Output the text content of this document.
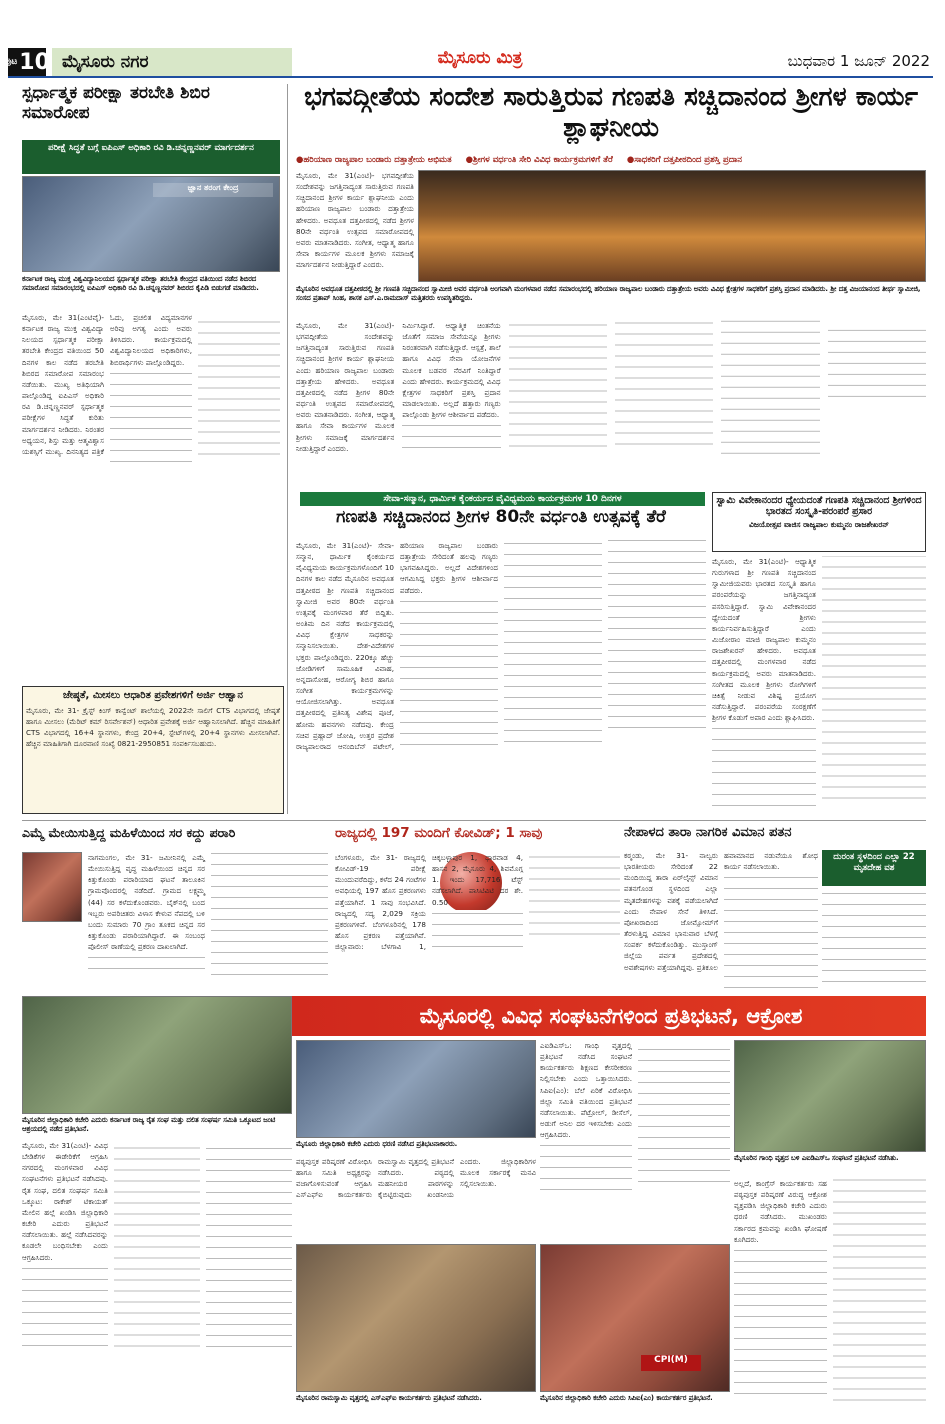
ಪುಟ 10 ಮೈಸೂರು ನಗರ	ಮೈಸೂರು ಮಿತ್ರ	ಬುಧವಾರ 1 ಜೂನ್ 2022
ಸ್ಪರ್ಧಾತ್ಮಕ ಪರೀಕ್ಷಾ ತರಬೇತಿ ಶಿಬಿರ ಸಮಾರೋಪ
ಪರೀಕ್ಷೆ ಸಿದ್ಧತೆ ಬಗ್ಗೆ ಐಪಿಎಸ್ ಅಧಿಕಾರಿ ರವಿ ಡಿ.ಚನ್ನಣ್ಣನವರ್ ಮಾರ್ಗದರ್ಶನ
ಜ್ಞಾನ ತರಂಗ ಕೇಂದ್ರ
ಕರ್ನಾಟಕ ರಾಜ್ಯ ಮುಕ್ತ ವಿಶ್ವವಿದ್ಯಾನಿಲಯದ ಸ್ಪರ್ಧಾತ್ಮಕ ಪರೀಕ್ಷಾ ತರಬೇತಿ ಕೇಂದ್ರದ ವತಿಯಿಂದ ನಡೆದ ಶಿಬಿರದ ಸಮಾರೋಪ ಸಮಾರಂಭದಲ್ಲಿ ಐಪಿಎಸ್ ಅಧಿಕಾರಿ ರವಿ ಡಿ.ಚನ್ನಣ್ಣನವರ್ ಶಿಬಿರದ ಕೈಪಿಡಿ ಬಿಡುಗಡೆ ಮಾಡಿದರು.

ಮೈಸೂರು, ಮೇ 31(ಎಂಟಿವೈ)- ಕರ್ನಾಟಕ ರಾಜ್ಯ ಮುಕ್ತ ವಿಶ್ವವಿದ್ಯಾ ನಿಲಯದ ಸ್ಪರ್ಧಾತ್ಮಕ ಪರೀಕ್ಷಾ ತರಬೇತಿ ಕೇಂದ್ರದ ವತಿಯಿಂದ 50 ದಿನಗಳ ಕಾಲ ನಡೆದ ತರಬೇತಿ ಶಿಬಿರದ ಸಮಾರೋಪ ಸಮಾರಂಭ ನಡೆಯಿತು. ಮುಖ್ಯ ಅತಿಥಿಯಾಗಿ ಪಾಲ್ಗೊಂಡಿದ್ದ ಐಪಿಎಸ್ ಅಧಿಕಾರಿ ರವಿ ಡಿ.ಚನ್ನಣ್ಣನವರ್ ಸ್ಪರ್ಧಾತ್ಮಕ ಪರೀಕ್ಷೆಗಳ ಸಿದ್ಧತೆ ಕುರಿತು ಮಾರ್ಗದರ್ಶನ ನೀಡಿದರು. ನಿರಂತರ ಅಧ್ಯಯನ, ಶಿಸ್ತು ಮತ್ತು ಆತ್ಮವಿಶ್ವಾಸ ಯಶಸ್ಸಿಗೆ ಮುಖ್ಯ. ದಿನನಿತ್ಯದ ಪತ್ರಿಕೆ ಓದು, ಪ್ರಚಲಿತ ವಿದ್ಯಮಾನಗಳ ಅರಿವು ಅಗತ್ಯ ಎಂದು ಅವರು ತಿಳಿಸಿದರು. ಕಾರ್ಯಕ್ರಮದಲ್ಲಿ ವಿಶ್ವವಿದ್ಯಾನಿಲಯದ ಅಧಿಕಾರಿಗಳು, ಶಿಬಿರಾರ್ಥಿಗಳು ಪಾಲ್ಗೊಂಡಿದ್ದರು.

ಭಗವದ್ಗೀತೆಯ ಸಂದೇಶ ಸಾರುತ್ತಿರುವ ಗಣಪತಿ ಸಚ್ಚಿದಾನಂದ ಶ್ರೀಗಳ ಕಾರ್ಯ ಶ್ಲಾಘನೀಯ
●ಹರಿಯಾಣ ರಾಜ್ಯಪಾಲ ಬಂಡಾರು ದತ್ತಾತ್ರೇಯ ಅಭಿಮತ ●ಶ್ರೀಗಳ ವರ್ಧಂತಿ ಸೇರಿ ವಿವಿಧ ಕಾರ್ಯಕ್ರಮಗಳಿಗೆ ತೆರೆ ●ಸಾಧಕರಿಗೆ ದತ್ತಪೀಠದಿಂದ ಪ್ರಶಸ್ತಿ ಪ್ರದಾನ

ಮೈಸೂರು, ಮೇ 31(ಎಂಟಿ)- ಭಗವದ್ಗೀತೆಯ ಸಂದೇಶವನ್ನು ಜಗತ್ತಿನಾದ್ಯಂತ ಸಾರುತ್ತಿರುವ ಗಣಪತಿ ಸಚ್ಚಿದಾನಂದ ಶ್ರೀಗಳ ಕಾರ್ಯ ಶ್ಲಾಘನೀಯ ಎಂದು ಹರಿಯಾಣ ರಾಜ್ಯಪಾಲ ಬಂಡಾರು ದತ್ತಾತ್ರೇಯ ಹೇಳಿದರು. ಅವಧೂತ ದತ್ತಪೀಠದಲ್ಲಿ ನಡೆದ ಶ್ರೀಗಳ 80ನೇ ವರ್ಧಂತಿ ಉತ್ಸವದ ಸಮಾರೋಪದಲ್ಲಿ ಅವರು ಮಾತನಾಡಿದರು. ಸಂಗೀತ, ಆಧ್ಯಾತ್ಮ ಹಾಗೂ ಸೇವಾ ಕಾರ್ಯಗಳ ಮೂಲಕ ಶ್ರೀಗಳು ಸಮಾಜಕ್ಕೆ ಮಾರ್ಗದರ್ಶನ ನೀಡುತ್ತಿದ್ದಾರೆ ಎಂದರು.

ಮೈಸೂರಿನ ಅವಧೂತ ದತ್ತಪೀಠದಲ್ಲಿ ಶ್ರೀ ಗಣಪತಿ ಸಚ್ಚಿದಾನಂದ ಸ್ವಾಮೀಜಿ ಅವರ ವರ್ಧಂತಿ ಅಂಗವಾಗಿ ಮಂಗಳವಾರ ನಡೆದ ಸಮಾರಂಭದಲ್ಲಿ ಹರಿಯಾಣ ರಾಜ್ಯಪಾಲ ಬಂಡಾರು ದತ್ತಾತ್ರೇಯ ಅವರು ವಿವಿಧ ಕ್ಷೇತ್ರಗಳ ಸಾಧಕರಿಗೆ ಪ್ರಶಸ್ತಿ ಪ್ರದಾನ ಮಾಡಿದರು. ಶ್ರೀ ದತ್ತ ವಿಜಯಾನಂದ ತೀರ್ಥ ಸ್ವಾಮೀಜಿ, ಸಂಸದ ಪ್ರತಾಪ್ ಸಿಂಹ, ಶಾಸಕ ಎಸ್.ಎ.ರಾಮದಾಸ್ ಮತ್ತಿತರರು ಉಪಸ್ಥಿತರಿದ್ದರು.

ಮೈಸೂರು, ಮೇ 31(ಎಂಟಿ)- ಭಗವದ್ಗೀತೆಯ ಸಂದೇಶವನ್ನು ಜಗತ್ತಿನಾದ್ಯಂತ ಸಾರುತ್ತಿರುವ ಗಣಪತಿ ಸಚ್ಚಿದಾನಂದ ಶ್ರೀಗಳ ಕಾರ್ಯ ಶ್ಲಾಘನೀಯ ಎಂದು ಹರಿಯಾಣ ರಾಜ್ಯಪಾಲ ಬಂಡಾರು ದತ್ತಾತ್ರೇಯ ಹೇಳಿದರು. ಅವಧೂತ ದತ್ತಪೀಠದಲ್ಲಿ ನಡೆದ ಶ್ರೀಗಳ 80ನೇ ವರ್ಧಂತಿ ಉತ್ಸವದ ಸಮಾರೋಪದಲ್ಲಿ ಅವರು ಮಾತನಾಡಿದರು. ಸಂಗೀತ, ಆಧ್ಯಾತ್ಮ ಹಾಗೂ ಸೇವಾ ಕಾರ್ಯಗಳ ಮೂಲಕ ಶ್ರೀಗಳು ಸಮಾಜಕ್ಕೆ ಮಾರ್ಗದರ್ಶನ ನೀಡುತ್ತಿದ್ದಾರೆ ಎಂದರು.

ನಿರ್ಮಿಸಿದ್ದಾರೆ. ಆಧ್ಯಾತ್ಮಿಕ ಚಿಂತನೆಯ ಜೊತೆಗೆ ಸಮಾಜ ಸೇವೆಯನ್ನೂ ಶ್ರೀಗಳು ನಿರಂತರವಾಗಿ ನಡೆಸುತ್ತಿದ್ದಾರೆ. ಆಸ್ಪತ್ರೆ, ಶಾಲೆ ಹಾಗೂ ವಿವಿಧ ಸೇವಾ ಯೋಜನೆಗಳ ಮೂಲಕ ಬಡವರ ನೆರವಿಗೆ ನಿಂತಿದ್ದಾರೆ ಎಂದು ಹೇಳಿದರು. ಕಾರ್ಯಕ್ರಮದಲ್ಲಿ ವಿವಿಧ ಕ್ಷೇತ್ರಗಳ ಸಾಧಕರಿಗೆ ಪ್ರಶಸ್ತಿ ಪ್ರದಾನ ಮಾಡಲಾಯಿತು. ಅಲ್ಲದೆ ಹತ್ತಾರು ಗಣ್ಯರು ಪಾಲ್ಗೊಂಡು ಶ್ರೀಗಳ ಆಶೀರ್ವಾದ ಪಡೆದರು.

ಸೇವಾ-ಸನ್ಮಾನ, ಧಾರ್ಮಿಕ ಕೈಂಕರ್ಯದ ವೈವಿಧ್ಯಮಯ ಕಾರ್ಯಕ್ರಮಗಳ 10 ದಿನಗಳ
ಗಣಪತಿ ಸಚ್ಚಿದಾನಂದ ಶ್ರೀಗಳ 80ನೇ ವರ್ಧಂತಿ ಉತ್ಸವಕ್ಕೆ ತೆರೆ

ಮೈಸೂರು, ಮೇ 31(ಎಂಟಿ)- ಸೇವಾ-ಸನ್ಮಾನ, ಧಾರ್ಮಿಕ ಕೈಂಕರ್ಯದ ವೈವಿಧ್ಯಮಯ ಕಾರ್ಯಕ್ರಮಗಳೊಂದಿಗೆ 10 ದಿನಗಳ ಕಾಲ ನಡೆದ ಮೈಸೂರಿನ ಅವಧೂತ ದತ್ತಪೀಠದ ಶ್ರೀ ಗಣಪತಿ ಸಚ್ಚಿದಾನಂದ ಸ್ವಾಮೀಜಿ ಅವರ 80ನೇ ವರ್ಧಂತಿ ಉತ್ಸವಕ್ಕೆ ಮಂಗಳವಾರ ತೆರೆ ಬಿದ್ದಿತು. ಅಂತಿಮ ದಿನ ನಡೆದ ಕಾರ್ಯಕ್ರಮದಲ್ಲಿ ವಿವಿಧ ಕ್ಷೇತ್ರಗಳ ಸಾಧಕರನ್ನು ಸನ್ಮಾನಿಸಲಾಯಿತು. ದೇಶ-ವಿದೇಶಗಳ ಭಕ್ತರು ಪಾಲ್ಗೊಂಡಿದ್ದರು. 220ಕ್ಕೂ ಹೆಚ್ಚು ಜೋಡಿಗಳಿಗೆ ಸಾಮೂಹಿಕ ವಿವಾಹ, ಅನ್ನದಾಸೋಹ, ಆರೋಗ್ಯ ಶಿಬಿರ ಹಾಗೂ ಸಂಗೀತ ಕಾರ್ಯಕ್ರಮಗಳನ್ನು ಆಯೋಜಿಸಲಾಗಿತ್ತು. ಅವಧೂತ ದತ್ತಪೀಠದಲ್ಲಿ ಪ್ರತಿನಿತ್ಯ ವಿಶೇಷ ಪೂಜೆ, ಹೋಮ ಹವನಗಳು ನಡೆದವು. ಕೇಂದ್ರ ಸಚಿವ ಪ್ರಹ್ಲಾದ್ ಜೋಷಿ, ಉತ್ತರ ಪ್ರದೇಶ ರಾಜ್ಯಪಾಲರಾದ ಆನಂದಿಬೆನ್ ಪಟೇಲ್, ಹರಿಯಾಣ ರಾಜ್ಯಪಾಲ ಬಂಡಾರು ದತ್ತಾತ್ರೇಯ ಸೇರಿದಂತೆ ಹಲವು ಗಣ್ಯರು ಭಾಗವಹಿಸಿದ್ದರು. ಅಲ್ಲದೆ ವಿದೇಶಗಳಿಂದ ಆಗಮಿಸಿದ್ದ ಭಕ್ತರು ಶ್ರೀಗಳ ಆಶೀರ್ವಾದ ಪಡೆದರು.

ಸ್ವಾಮಿ ವಿವೇಕಾನಂದರ ಧ್ಯೇಯದಂತೆ ಗಣಪತಿ ಸಚ್ಚಿದಾನಂದ ಶ್ರೀಗಳಿಂದ ಭಾರತದ ಸಂಸ್ಕೃತಿ-ಪರಂಪರೆ ಪ್ರಸಾರ
ವಿಜಯೋತ್ಸವ ವಾಜಿಸ ರಾಜ್ಯಪಾಲ ಕುಮ್ಮನಂ ರಾಜಶೇಖರನ್

ಮೈಸೂರು, ಮೇ 31(ಎಂಟಿ)- ಆಧ್ಯಾತ್ಮಿಕ ಗುರುಗಳಾದ ಶ್ರೀ ಗಣಪತಿ ಸಚ್ಚಿದಾನಂದ ಸ್ವಾಮೀಜಿಯವರು ಭಾರತದ ಸಂಸ್ಕೃತಿ ಹಾಗೂ ಪರಂಪರೆಯನ್ನು ಜಗತ್ತಿನಾದ್ಯಂತ ಪಸರಿಸುತ್ತಿದ್ದಾರೆ. ಸ್ವಾಮಿ ವಿವೇಕಾನಂದರ ಧ್ಯೇಯದಂತೆ ಶ್ರೀಗಳು ಕಾರ್ಯನಿರ್ವಹಿಸುತ್ತಿದ್ದಾರೆ ಎಂದು ಮಿಜೋರಾಂ ಮಾಜಿ ರಾಜ್ಯಪಾಲ ಕುಮ್ಮನಂ ರಾಜಶೇಖರನ್ ಹೇಳಿದರು. ಅವಧೂತ ದತ್ತಪೀಠದಲ್ಲಿ ಮಂಗಳವಾರ ನಡೆದ ಕಾರ್ಯಕ್ರಮದಲ್ಲಿ ಅವರು ಮಾತನಾಡಿದರು. ಸಂಗೀತದ ಮೂಲಕ ಶ್ರೀಗಳು ರೋಗಿಗಳಿಗೆ ಚಿಕಿತ್ಸೆ ನೀಡುವ ವಿಶಿಷ್ಟ ಪ್ರಯೋಗ ನಡೆಸುತ್ತಿದ್ದಾರೆ. ಪರಂಪರೆಯ ಸಂರಕ್ಷಣೆಗೆ ಶ್ರೀಗಳ ಕೊಡುಗೆ ಅಪಾರ ಎಂದು ಶ್ಲಾಘಿಸಿದರು.

ಜೇಷ್ಠತೆ, ಮೀಸಲು ಆಧಾರಿತ ಪ್ರವೇಶಗಳಿಗೆ ಅರ್ಜಿ ಆಹ್ವಾನ
ಮೈಸೂರು, ಮೇ 31- ಕ್ರೈಸ್ಟ್ ಕಿಂಗ್ ಕಾನ್ವೆಂಟ್ ಶಾಲೆಯಲ್ಲಿ 2022ನೇ ಸಾಲಿಗೆ CTS ವಿಭಾಗದಲ್ಲಿ ಜೇಷ್ಠತೆ ಹಾಗೂ ಮೀಸಲು (ಮೆರಿಟ್ ಕಮ್ ರಿಸರ್ವೇಶನ್) ಆಧಾರಿತ ಪ್ರವೇಶಕ್ಕೆ ಅರ್ಜಿ ಆಹ್ವಾನಿಸಲಾಗಿದೆ. ಹೆಚ್ಚಿನ ಮಾಹಿತಿಗೆ CTS ವಿಭಾಗದಲ್ಲಿ 16+4 ಸ್ಥಾನಗಳು, ಕೇಂದ್ರ 20+4, ಸ್ಟೇಟ್‌ಗಳಲ್ಲಿ 20+4 ಸ್ಥಾನಗಳು ಮೀಸಲಾಗಿವೆ. ಹೆಚ್ಚಿನ ಮಾಹಿತಿಗಾಗಿ ದೂರವಾಣಿ ಸಂಖ್ಯೆ 0821-2950851 ಸಂಪರ್ಕಿಸಬಹುದು.
ಎಮ್ಮೆ ಮೇಯಿಸುತ್ತಿದ್ದ ಮಹಿಳೆಯಿಂದ ಸರ ಕದ್ದು ಪರಾರಿ

ನಾಗಮಂಗಲ, ಮೇ 31- ಜಮೀನಿನಲ್ಲಿ ಎಮ್ಮೆ ಮೇಯಿಸುತ್ತಿದ್ದ ವೃದ್ಧ ಮಹಿಳೆಯಿಂದ ಚಿನ್ನದ ಸರ ಕಿತ್ತುಕೊಂಡು ಪರಾರಿಯಾದ ಘಟನೆ ತಾಲೂಕಿನ ಗ್ರಾಮವೊಂದರಲ್ಲಿ ನಡೆದಿದೆ. ಗ್ರಾಮದ ಲಕ್ಷ್ಮಮ್ಮ (44) ಸರ ಕಳೆದುಕೊಂಡವರು. ಬೈಕ್‌ನಲ್ಲಿ ಬಂದ ಇಬ್ಬರು ಅಪರಿಚಿತರು ವಿಳಾಸ ಕೇಳುವ ನೆಪದಲ್ಲಿ ಬಳಿ ಬಂದು ಸುಮಾರು 70 ಗ್ರಾಂ ತೂಕದ ಚಿನ್ನದ ಸರ ಕಿತ್ತುಕೊಂಡು ಪರಾರಿಯಾಗಿದ್ದಾರೆ. ಈ ಸಂಬಂಧ ಪೊಲೀಸ್ ಠಾಣೆಯಲ್ಲಿ ಪ್ರಕರಣ ದಾಖಲಾಗಿದೆ.

ರಾಜ್ಯದಲ್ಲಿ 197 ಮಂದಿಗೆ ಕೋವಿಡ್; 1 ಸಾವು

ಬೆಂಗಳೂರು, ಮೇ 31- ರಾಜ್ಯದಲ್ಲಿ ಕೋವಿಡ್-19 ಪರೀಕ್ಷೆ ಮುಂದುವರೆದಿದ್ದು, ಕಳೆದ 24 ಗಂಟೆಗಳ ಅವಧಿಯಲ್ಲಿ 197 ಹೊಸ ಪ್ರಕರಣಗಳು ಪತ್ತೆಯಾಗಿವೆ. 1 ಸಾವು ಸಂಭವಿಸಿದೆ. ರಾಜ್ಯದಲ್ಲಿ ಸದ್ಯ 2,029 ಸಕ್ರಿಯ ಪ್ರಕರಣಗಳಿವೆ. ಬೆಂಗಳೂರಿನಲ್ಲಿ 178 ಹೊಸ ಪ್ರಕರಣ ಪತ್ತೆಯಾಗಿವೆ. ಜಿಲ್ಲಾವಾರು: ಬೆಳಗಾವಿ 1, ಚಿಕ್ಕಬಳ್ಳಾಪುರ 1, ಧಾರವಾಡ 4, ಹಾಸನ 2, ಮೈಸೂರು 4, ಶಿವಮೊಗ್ಗ 1. ಇಂದು 17,716 ಟೆಸ್ಟ್ ನಡೆಸಲಾಗಿದೆ. ಪಾಸಿಟಿವಿಟಿ ದರ ಶೇ. 0.50

ನೇಪಾಳದ ತಾರಾ ನಾಗರಿಕ ವಿಮಾನ ಪತನ
ದುರಂತ ಸ್ಥಳದಿಂದ ಎಲ್ಲಾ 22 ಮೃತದೇಹ ವಶ

ಕಠ್ಮಂಡು, ಮೇ 31- ನಾಲ್ವರು ಭಾರತೀಯರು ಸೇರಿದಂತೆ 22 ಮಂದಿಯಿದ್ದ ತಾರಾ ಏರ್‌ಲೈನ್ಸ್ ವಿಮಾನ ಪತನಗೊಂಡ ಸ್ಥಳದಿಂದ ಎಲ್ಲಾ ಮೃತದೇಹಗಳನ್ನು ವಶಕ್ಕೆ ಪಡೆಯಲಾಗಿದೆ ಎಂದು ನೇಪಾಳ ಸೇನೆ ತಿಳಿಸಿದೆ. ಪೋಖರಾದಿಂದ ಜೋಮ್ಸೋಮ್‌ಗೆ ತೆರಳುತ್ತಿದ್ದ ವಿಮಾನ ಭಾನುವಾರ ಬೆಳಗ್ಗೆ ಸಂಪರ್ಕ ಕಳೆದುಕೊಂಡಿತ್ತು. ಮುಸ್ತಾಂಗ್ ಜಿಲ್ಲೆಯ ಪರ್ವತ ಪ್ರದೇಶದಲ್ಲಿ ಅವಶೇಷಗಳು ಪತ್ತೆಯಾಗಿದ್ದವು. ಪ್ರತಿಕೂಲ ಹವಾಮಾನದ ನಡುವೆಯೂ ಶೋಧ ಕಾರ್ಯ ನಡೆಸಲಾಯಿತು.

ಮೈಸೂರಲ್ಲಿ ವಿವಿಧ ಸಂಘಟನೆಗಳಿಂದ ಪ್ರತಿಭಟನೆ, ಆಕ್ರೋಶ
ಮೈಸೂರಿನ ಜಿಲ್ಲಾಧಿಕಾರಿ ಕಚೇರಿ ಎದುರು ಕರ್ನಾಟಕ ರಾಜ್ಯ ರೈತ ಸಂಘ ಮತ್ತು ದಲಿತ ಸಂಘರ್ಷ ಸಮಿತಿ ಒಕ್ಕೂಟದ ಜಂಟಿ ಆಶ್ರಯದಲ್ಲಿ ನಡೆದ ಪ್ರತಿಭಟನೆ.

ಮೈಸೂರು, ಮೇ 31(ಎಂಟಿ)- ವಿವಿಧ ಬೇಡಿಕೆಗಳ ಈಡೇರಿಕೆಗೆ ಆಗ್ರಹಿಸಿ ನಗರದಲ್ಲಿ ಮಂಗಳವಾರ ವಿವಿಧ ಸಂಘಟನೆಗಳು ಪ್ರತಿಭಟನೆ ನಡೆಸಿದವು. ರೈತ ಸಂಘ, ದಲಿತ ಸಂಘರ್ಷ ಸಮಿತಿ ಒಕ್ಕೂಟ: ರಾಕೇಶ್ ಟಿಕಾಯತ್ ಮೇಲಿನ ಹಲ್ಲೆ ಖಂಡಿಸಿ ಜಿಲ್ಲಾಧಿಕಾರಿ ಕಚೇರಿ ಎದುರು ಪ್ರತಿಭಟನೆ ನಡೆಸಲಾಯಿತು. ಹಲ್ಲೆ ನಡೆಸಿದವರನ್ನು ಕೂಡಲೇ ಬಂಧಿಸಬೇಕು ಎಂದು ಆಗ್ರಹಿಸಿದರು.

ಮೈಸೂರು ಜಿಲ್ಲಾಧಿಕಾರಿ ಕಚೇರಿ ಎದುರು ಧರಣಿ ನಡೆಸಿದ ಪ್ರತಿಭಟನಾಕಾರರು.

ಪಠ್ಯಪುಸ್ತಕ ಪರಿಷ್ಕರಣೆ ವಿರೋಧಿಸಿ ಹಾಗೂ ಸಮಿತಿ ಅಧ್ಯಕ್ಷರನ್ನು ವಜಾಗೊಳಿಸುವಂತೆ ಆಗ್ರಹಿಸಿ ಎಸ್‌ಎಫ್‌ಐ ಕಾರ್ಯಕರ್ತರು ರಾಮಸ್ವಾಮಿ ವೃತ್ತದಲ್ಲಿ ಪ್ರತಿಭಟನೆ ನಡೆಸಿದರು. ಪಠ್ಯದಲ್ಲಿ ಮಹನೀಯರ ಪಾಠಗಳನ್ನು ಕೈಬಿಟ್ಟಿರುವುದು ಖಂಡನೀಯ ಎಂದರು. ಜಿಲ್ಲಾಧಿಕಾರಿಗಳ ಮೂಲಕ ಸರ್ಕಾರಕ್ಕೆ ಮನವಿ ಸಲ್ಲಿಸಲಾಯಿತು.

ಮೈಸೂರಿನ ರಾಮಸ್ವಾಮಿ ವೃತ್ತದಲ್ಲಿ ಎಸ್‌ಎಫ್‌ಐ ಕಾರ್ಯಕರ್ತರು ಪ್ರತಿಭಟನೆ ನಡೆಸಿದರು.

ಎಐಡಿಎಸ್‌ಒ: ಗಾಂಧಿ ವೃತ್ತದಲ್ಲಿ ಪ್ರತಿಭಟನೆ ನಡೆಸಿದ ಸಂಘಟನೆ ಕಾರ್ಯಕರ್ತರು ಶಿಕ್ಷಣದ ಕೇಸರೀಕರಣ ನಿಲ್ಲಿಸಬೇಕು ಎಂದು ಒತ್ತಾಯಿಸಿದರು. ಸಿಪಿಐ(ಎಂ): ಬೆಲೆ ಏರಿಕೆ ವಿರೋಧಿಸಿ ಜಿಲ್ಲಾ ಸಮಿತಿ ವತಿಯಿಂದ ಪ್ರತಿಭಟನೆ ನಡೆಸಲಾಯಿತು. ಪೆಟ್ರೋಲ್, ಡೀಸೆಲ್, ಅಡುಗೆ ಅನಿಲ ದರ ಇಳಿಸಬೇಕು ಎಂದು ಆಗ್ರಹಿಸಿದರು.

CPI(M)
ಮೈಸೂರಿನ ಜಿಲ್ಲಾಧಿಕಾರಿ ಕಚೇರಿ ಎದುರು ಸಿಪಿಐ(ಎಂ) ಕಾರ್ಯಕರ್ತರ ಪ್ರತಿಭಟನೆ.
ಮೈಸೂರಿನ ಗಾಂಧಿ ವೃತ್ತದ ಬಳಿ ಎಐಡಿಎಸ್‌ಒ ಸಂಘಟನೆ ಪ್ರತಿಭಟನೆ ನಡೆಸಿತು.

ಅಲ್ಲದೆ, ಕಾಂಗ್ರೆಸ್ ಕಾರ್ಯಕರ್ತರು ಸಹ ಪಠ್ಯಪುಸ್ತಕ ಪರಿಷ್ಕರಣೆ ವಿರುದ್ಧ ಆಕ್ರೋಶ ವ್ಯಕ್ತಪಡಿಸಿ ಜಿಲ್ಲಾಧಿಕಾರಿ ಕಚೇರಿ ಎದುರು ಧರಣಿ ನಡೆಸಿದರು. ಮುಖಂಡರು ಸರ್ಕಾರದ ಕ್ರಮವನ್ನು ಖಂಡಿಸಿ ಘೋಷಣೆ ಕೂಗಿದರು.
